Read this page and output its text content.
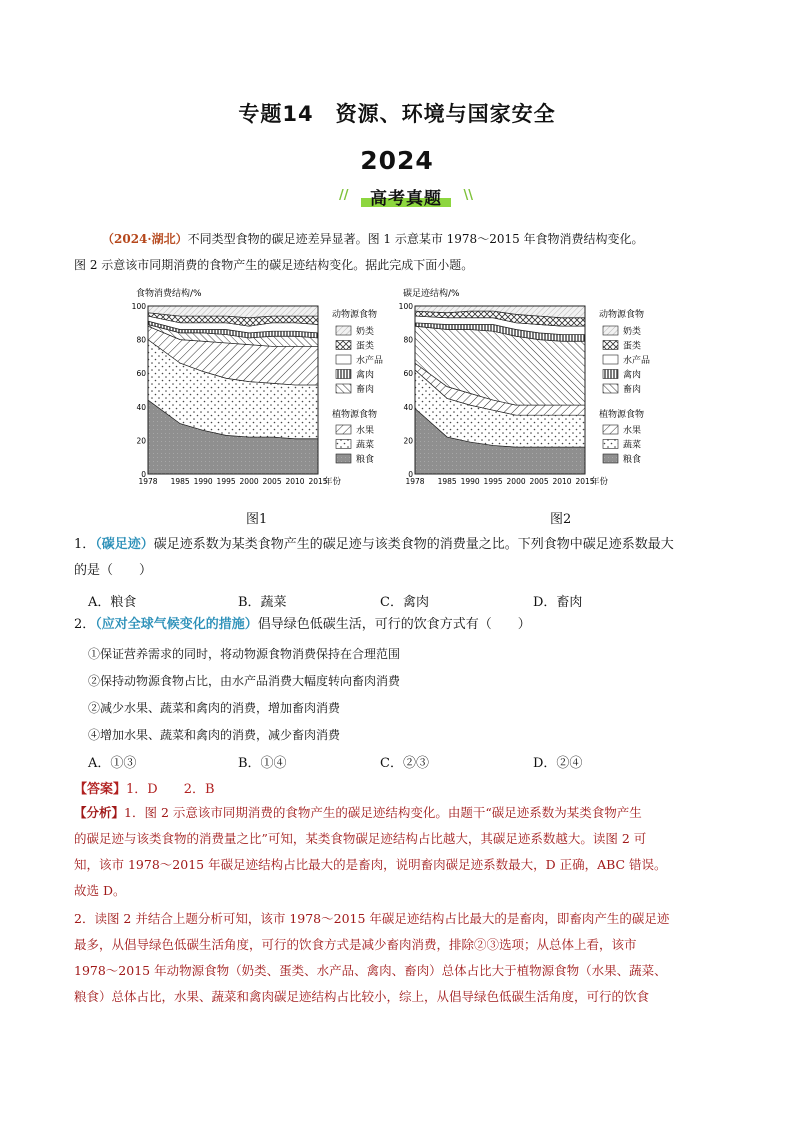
专题14　资源、环境与国家安全
2024
//	高考真题	\\
（2024·湖北）不同类型食物的碳足迹差异显著。图 1 示意某市 1978～2015 年食物消费结构变化。
图 2 示意该市同期消费的食物产生的碳足迹结构变化。据此完成下面小题。
食物消费结构/%
0
20
40
60
80
100
1978 1985 1990 1995 2000 2005 2010 2015
年份
动物源食物
奶类
蛋类
水产品
禽肉
畜肉
植物源食物
水果
蔬菜
粮食
碳足迹结构/%
0
20
40
60
80
100
1978 1985 1990 1995 2000 2005 2010 2015
年份
动物源食物
奶类
蛋类
水产品
禽肉
畜肉
植物源食物
水果
蔬菜
粮食
图1	图2
1．（碳足迹）碳足迹系数为某类食物产生的碳足迹与该类食物的消费量之比。下列食物中碳足迹系数最大
的是（　　）
A．粮食	B．蔬菜	C．禽肉	D．畜肉
2．（应对全球气候变化的措施）倡导绿色低碳生活，可行的饮食方式有（　　）
①保证营养需求的同时，将动物源食物消费保持在合理范围
②保持动物源食物占比，由水产品消费大幅度转向畜肉消费
②减少水果、蔬菜和禽肉的消费，增加畜肉消费
④增加水果、蔬菜和禽肉的消费，减少畜肉消费
A．①③	B．①④	C．②③	D．②④
【答案】1．D　　2．B
【分析】1．图 2 示意该市同期消费的食物产生的碳足迹结构变化。由题干“碳足迹系数为某类食物产生
的碳足迹与该类食物的消费量之比”可知，某类食物碳足迹结构占比越大，其碳足迹系数越大。读图 2 可
知，该市 1978～2015 年碳足迹结构占比最大的是畜肉，说明畜肉碳足迹系数最大，D 正确，ABC 错误。
故选 D。
2．读图 2 并结合上题分析可知，该市 1978～2015 年碳足迹结构占比最大的是畜肉，即畜肉产生的碳足迹
最多，从倡导绿色低碳生活角度，可行的饮食方式是减少畜肉消费，排除②③选项；从总体上看，该市
1978～2015 年动物源食物（奶类、蛋类、水产品、禽肉、畜肉）总体占比大于植物源食物（水果、蔬菜、
粮食）总体占比，水果、蔬菜和禽肉碳足迹结构占比较小，综上，从倡导绿色低碳生活角度，可行的饮食
